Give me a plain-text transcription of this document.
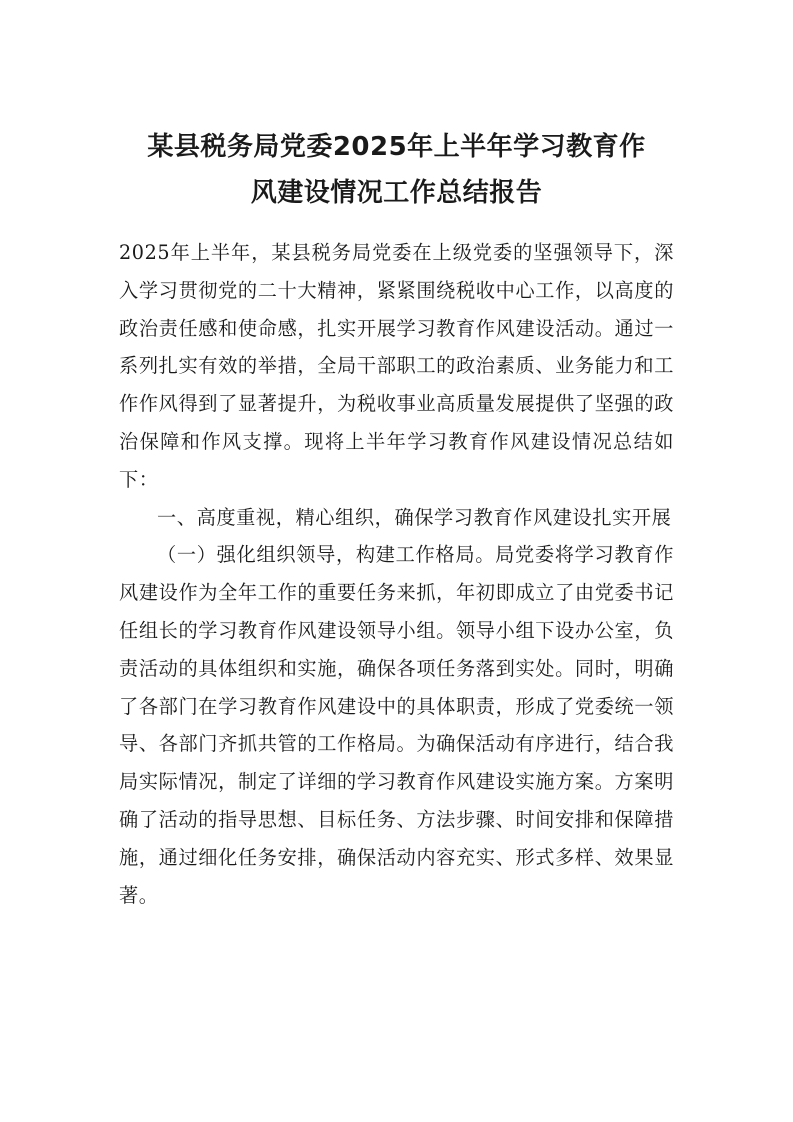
某县税务局党委2025年上半年学习教育作
风建设情况工作总结报告

2025年上半年，某县税务局党委在上级党委的坚强领导下，深入学习贯彻党的二十大精神，紧紧围绕税收中心工作，以高度的政治责任感和使命感，扎实开展学习教育作风建设活动。通过一系列扎实有效的举措，全局干部职工的政治素质、业务能力和工作作风得到了显著提升，为税收事业高质量发展提供了坚强的政治保障和作风支撑。现将上半年学习教育作风建设情况总结如下：

一、高度重视，精心组织，确保学习教育作风建设扎实开展

（一）强化组织领导，构建工作格局。局党委将学习教育作风建设作为全年工作的重要任务来抓，年初即成立了由党委书记任组长的学习教育作风建设领导小组。领导小组下设办公室，负责活动的具体组织和实施，确保各项任务落到实处。同时，明确了各部门在学习教育作风建设中的具体职责，形成了党委统一领导、各部门齐抓共管的工作格局。为确保活动有序进行，结合我局实际情况，制定了详细的学习教育作风建设实施方案。方案明确了活动的指导思想、目标任务、方法步骤、时间安排和保障措施，通过细化任务安排，确保活动内容充实、形式多样、效果显著。
